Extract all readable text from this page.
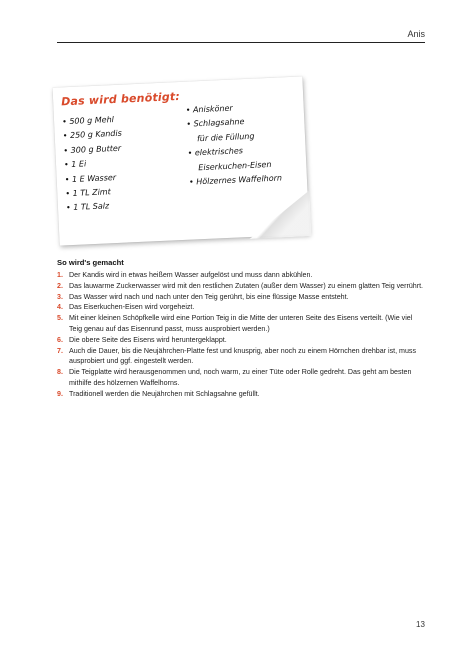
Anis
Das wird benötigt:
• 500 g Mehl
• 250 g Kandis
• 300 g Butter
• 1 Ei
• 1 E Wasser
• 1 TL Zimt
• 1 TL Salz
• Anisköner
• Schlagsahne
für die Füllung
• elektrisches
Eiserkuchen-Eisen
• Hölzernes Waffelhorn
So wird's gemacht
1. Der Kandis wird in etwas heißem Wasser aufgelöst und muss dann abkühlen.
2. Das lauwarme Zuckerwasser wird mit den restlichen Zutaten (außer dem Wasser) zu einem glatten Teig verrührt.
3. Das Wasser wird nach und nach unter den Teig gerührt, bis eine flüssige Masse entsteht.
4. Das Eiserkuchen-Eisen wird vorgeheizt.
5. Mit einer kleinen Schöpfkelle wird eine Portion Teig in die Mitte der unteren Seite des Eisens verteilt. (Wie viel Teig genau auf das Eisenrund passt, muss ausprobiert werden.)
6. Die obere Seite des Eisens wird heruntergeklappt.
7. Auch die Dauer, bis die Neujährchen-Platte fest und knusprig, aber noch zu einem Hörnchen drehbar ist, muss ausprobiert und ggf. eingestellt werden.
8. Die Teigplatte wird herausgenommen und, noch warm, zu einer Tüte oder Rolle gedreht. Das geht am besten mithilfe des hölzernen Waffelhorns.
9. Traditionell werden die Neujährchen mit Schlagsahne gefüllt.
13
